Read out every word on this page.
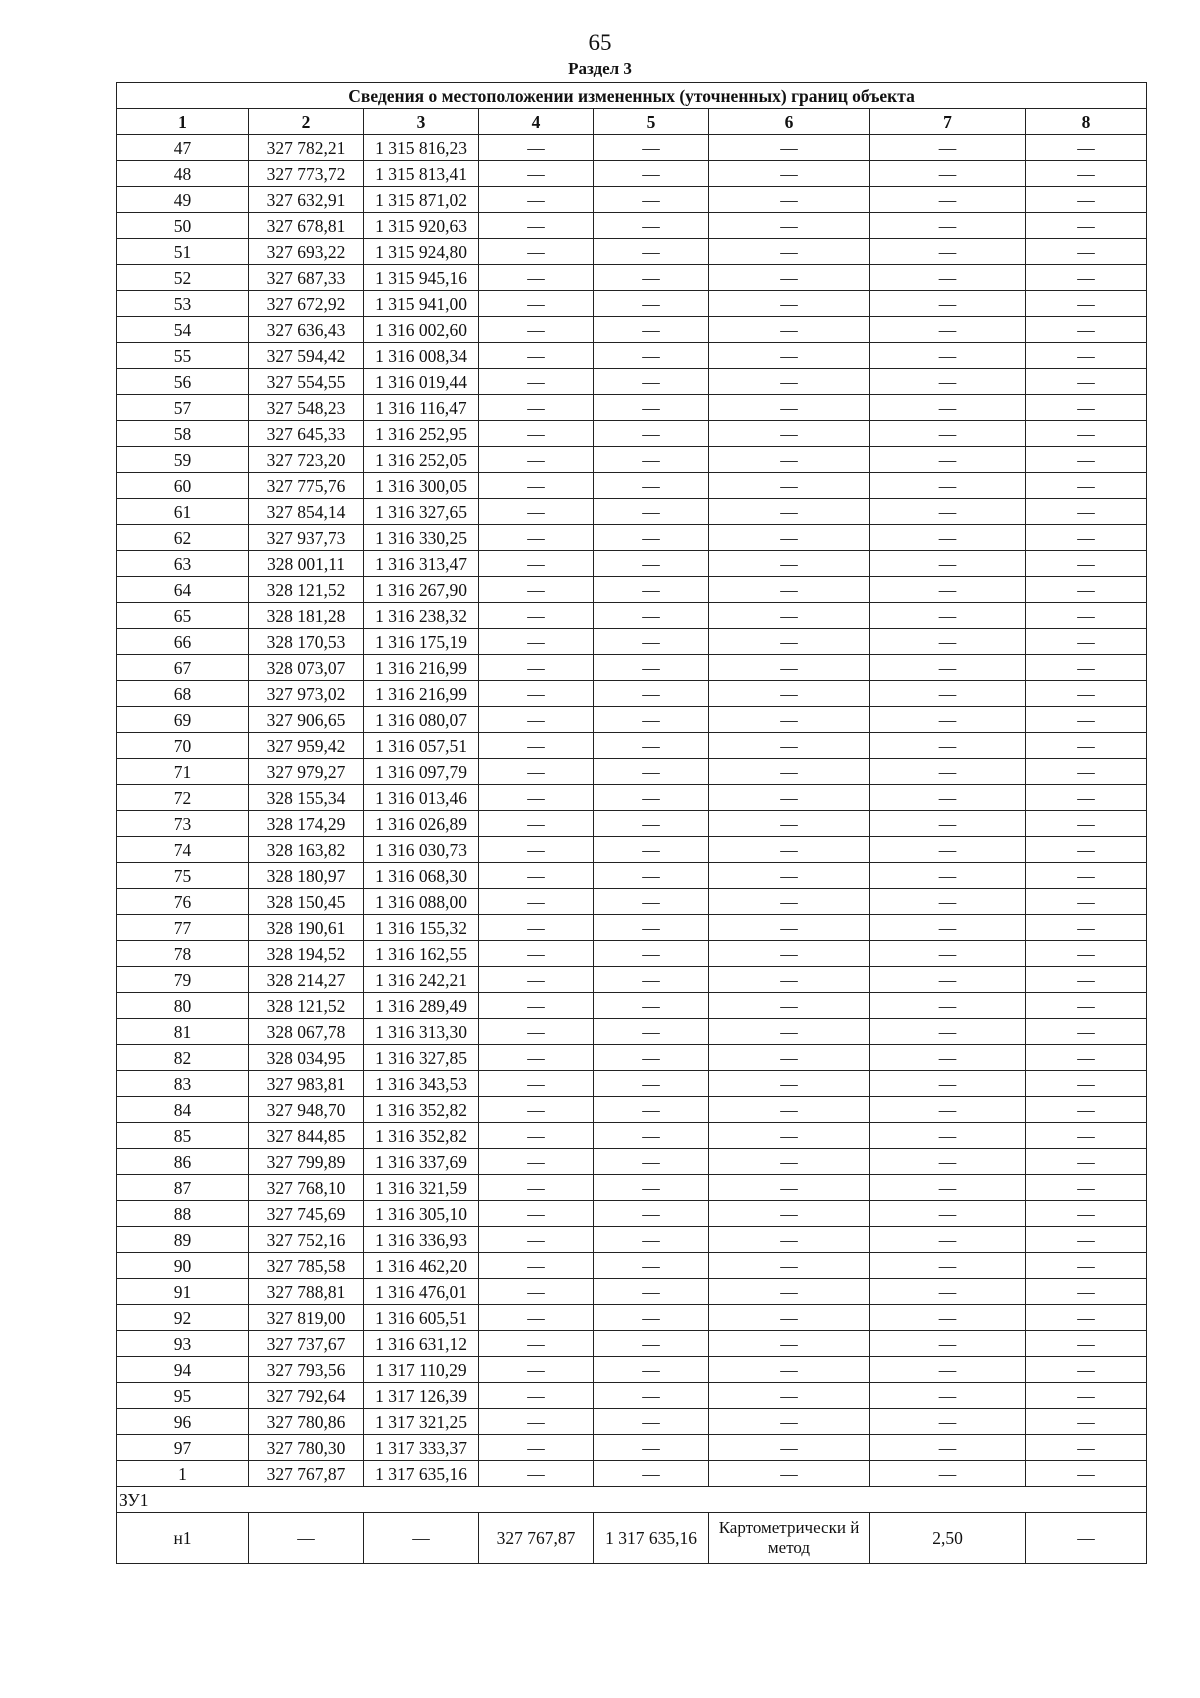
65
Раздел 3
Сведения о местоположении измененных (уточненных) границ объекта							
1	2	3	4	5	6	7	8
47	327 782,21	1 315 816,23	—	—	—	—	—
48	327 773,72	1 315 813,41	—	—	—	—	—
49	327 632,91	1 315 871,02	—	—	—	—	—
50	327 678,81	1 315 920,63	—	—	—	—	—
51	327 693,22	1 315 924,80	—	—	—	—	—
52	327 687,33	1 315 945,16	—	—	—	—	—
53	327 672,92	1 315 941,00	—	—	—	—	—
54	327 636,43	1 316 002,60	—	—	—	—	—
55	327 594,42	1 316 008,34	—	—	—	—	—
56	327 554,55	1 316 019,44	—	—	—	—	—
57	327 548,23	1 316 116,47	—	—	—	—	—
58	327 645,33	1 316 252,95	—	—	—	—	—
59	327 723,20	1 316 252,05	—	—	—	—	—
60	327 775,76	1 316 300,05	—	—	—	—	—
61	327 854,14	1 316 327,65	—	—	—	—	—
62	327 937,73	1 316 330,25	—	—	—	—	—
63	328 001,11	1 316 313,47	—	—	—	—	—
64	328 121,52	1 316 267,90	—	—	—	—	—
65	328 181,28	1 316 238,32	—	—	—	—	—
66	328 170,53	1 316 175,19	—	—	—	—	—
67	328 073,07	1 316 216,99	—	—	—	—	—
68	327 973,02	1 316 216,99	—	—	—	—	—
69	327 906,65	1 316 080,07	—	—	—	—	—
70	327 959,42	1 316 057,51	—	—	—	—	—
71	327 979,27	1 316 097,79	—	—	—	—	—
72	328 155,34	1 316 013,46	—	—	—	—	—
73	328 174,29	1 316 026,89	—	—	—	—	—
74	328 163,82	1 316 030,73	—	—	—	—	—
75	328 180,97	1 316 068,30	—	—	—	—	—
76	328 150,45	1 316 088,00	—	—	—	—	—
77	328 190,61	1 316 155,32	—	—	—	—	—
78	328 194,52	1 316 162,55	—	—	—	—	—
79	328 214,27	1 316 242,21	—	—	—	—	—
80	328 121,52	1 316 289,49	—	—	—	—	—
81	328 067,78	1 316 313,30	—	—	—	—	—
82	328 034,95	1 316 327,85	—	—	—	—	—
83	327 983,81	1 316 343,53	—	—	—	—	—
84	327 948,70	1 316 352,82	—	—	—	—	—
85	327 844,85	1 316 352,82	—	—	—	—	—
86	327 799,89	1 316 337,69	—	—	—	—	—
87	327 768,10	1 316 321,59	—	—	—	—	—
88	327 745,69	1 316 305,10	—	—	—	—	—
89	327 752,16	1 316 336,93	—	—	—	—	—
90	327 785,58	1 316 462,20	—	—	—	—	—
91	327 788,81	1 316 476,01	—	—	—	—	—
92	327 819,00	1 316 605,51	—	—	—	—	—
93	327 737,67	1 316 631,12	—	—	—	—	—
94	327 793,56	1 317 110,29	—	—	—	—	—
95	327 792,64	1 317 126,39	—	—	—	—	—
96	327 780,86	1 317 321,25	—	—	—	—	—
97	327 780,30	1 317 333,37	—	—	—	—	—
1	327 767,87	1 317 635,16	—	—	—	—	—
ЗУ1							
н1	—	—	327 767,87	1 317 635,16	Картометрически й метод	2,50	—
